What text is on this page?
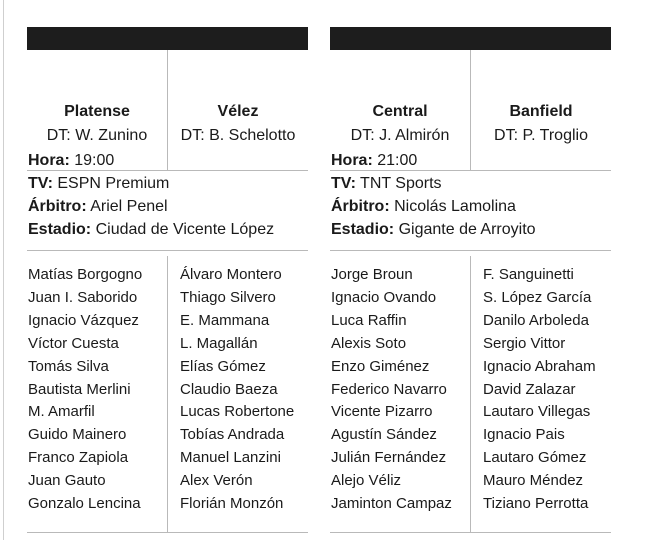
Platense
DT: W. Zunino
Vélez
DT: B. Schelotto
Hora: 19:00
TV: ESPN Premium
Árbitro: Ariel Penel
Estadio: Ciudad de Vicente López
Matías Borgogno
Juan I. Saborido
Ignacio Vázquez
Víctor Cuesta
Tomás Silva
Bautista Merlini
M. Amarfil
Guido Mainero
Franco Zapiola
Juan Gauto
Gonzalo Lencina
Álvaro Montero
Thiago Silvero
E. Mammana
L. Magallán
Elías Gómez
Claudio Baeza
Lucas Robertone
Tobías Andrada
Manuel Lanzini
Alex Verón
Florián Monzón
Central
DT: J. Almirón
Banfield
DT: P. Troglio
Hora: 21:00
TV: TNT Sports
Árbitro: Nicolás Lamolina
Estadio: Gigante de Arroyito
Jorge Broun
Ignacio Ovando
Luca Raffin
Alexis Soto
Enzo Giménez
Federico Navarro
Vicente Pizarro
Agustín Sández
Julián Fernández
Alejo Véliz
Jaminton Campaz
F. Sanguinetti
S. López García
Danilo Arboleda
Sergio Vittor
Ignacio Abraham
David Zalazar
Lautaro Villegas
Ignacio Pais
Lautaro Gómez
Mauro Méndez
Tiziano Perrotta
